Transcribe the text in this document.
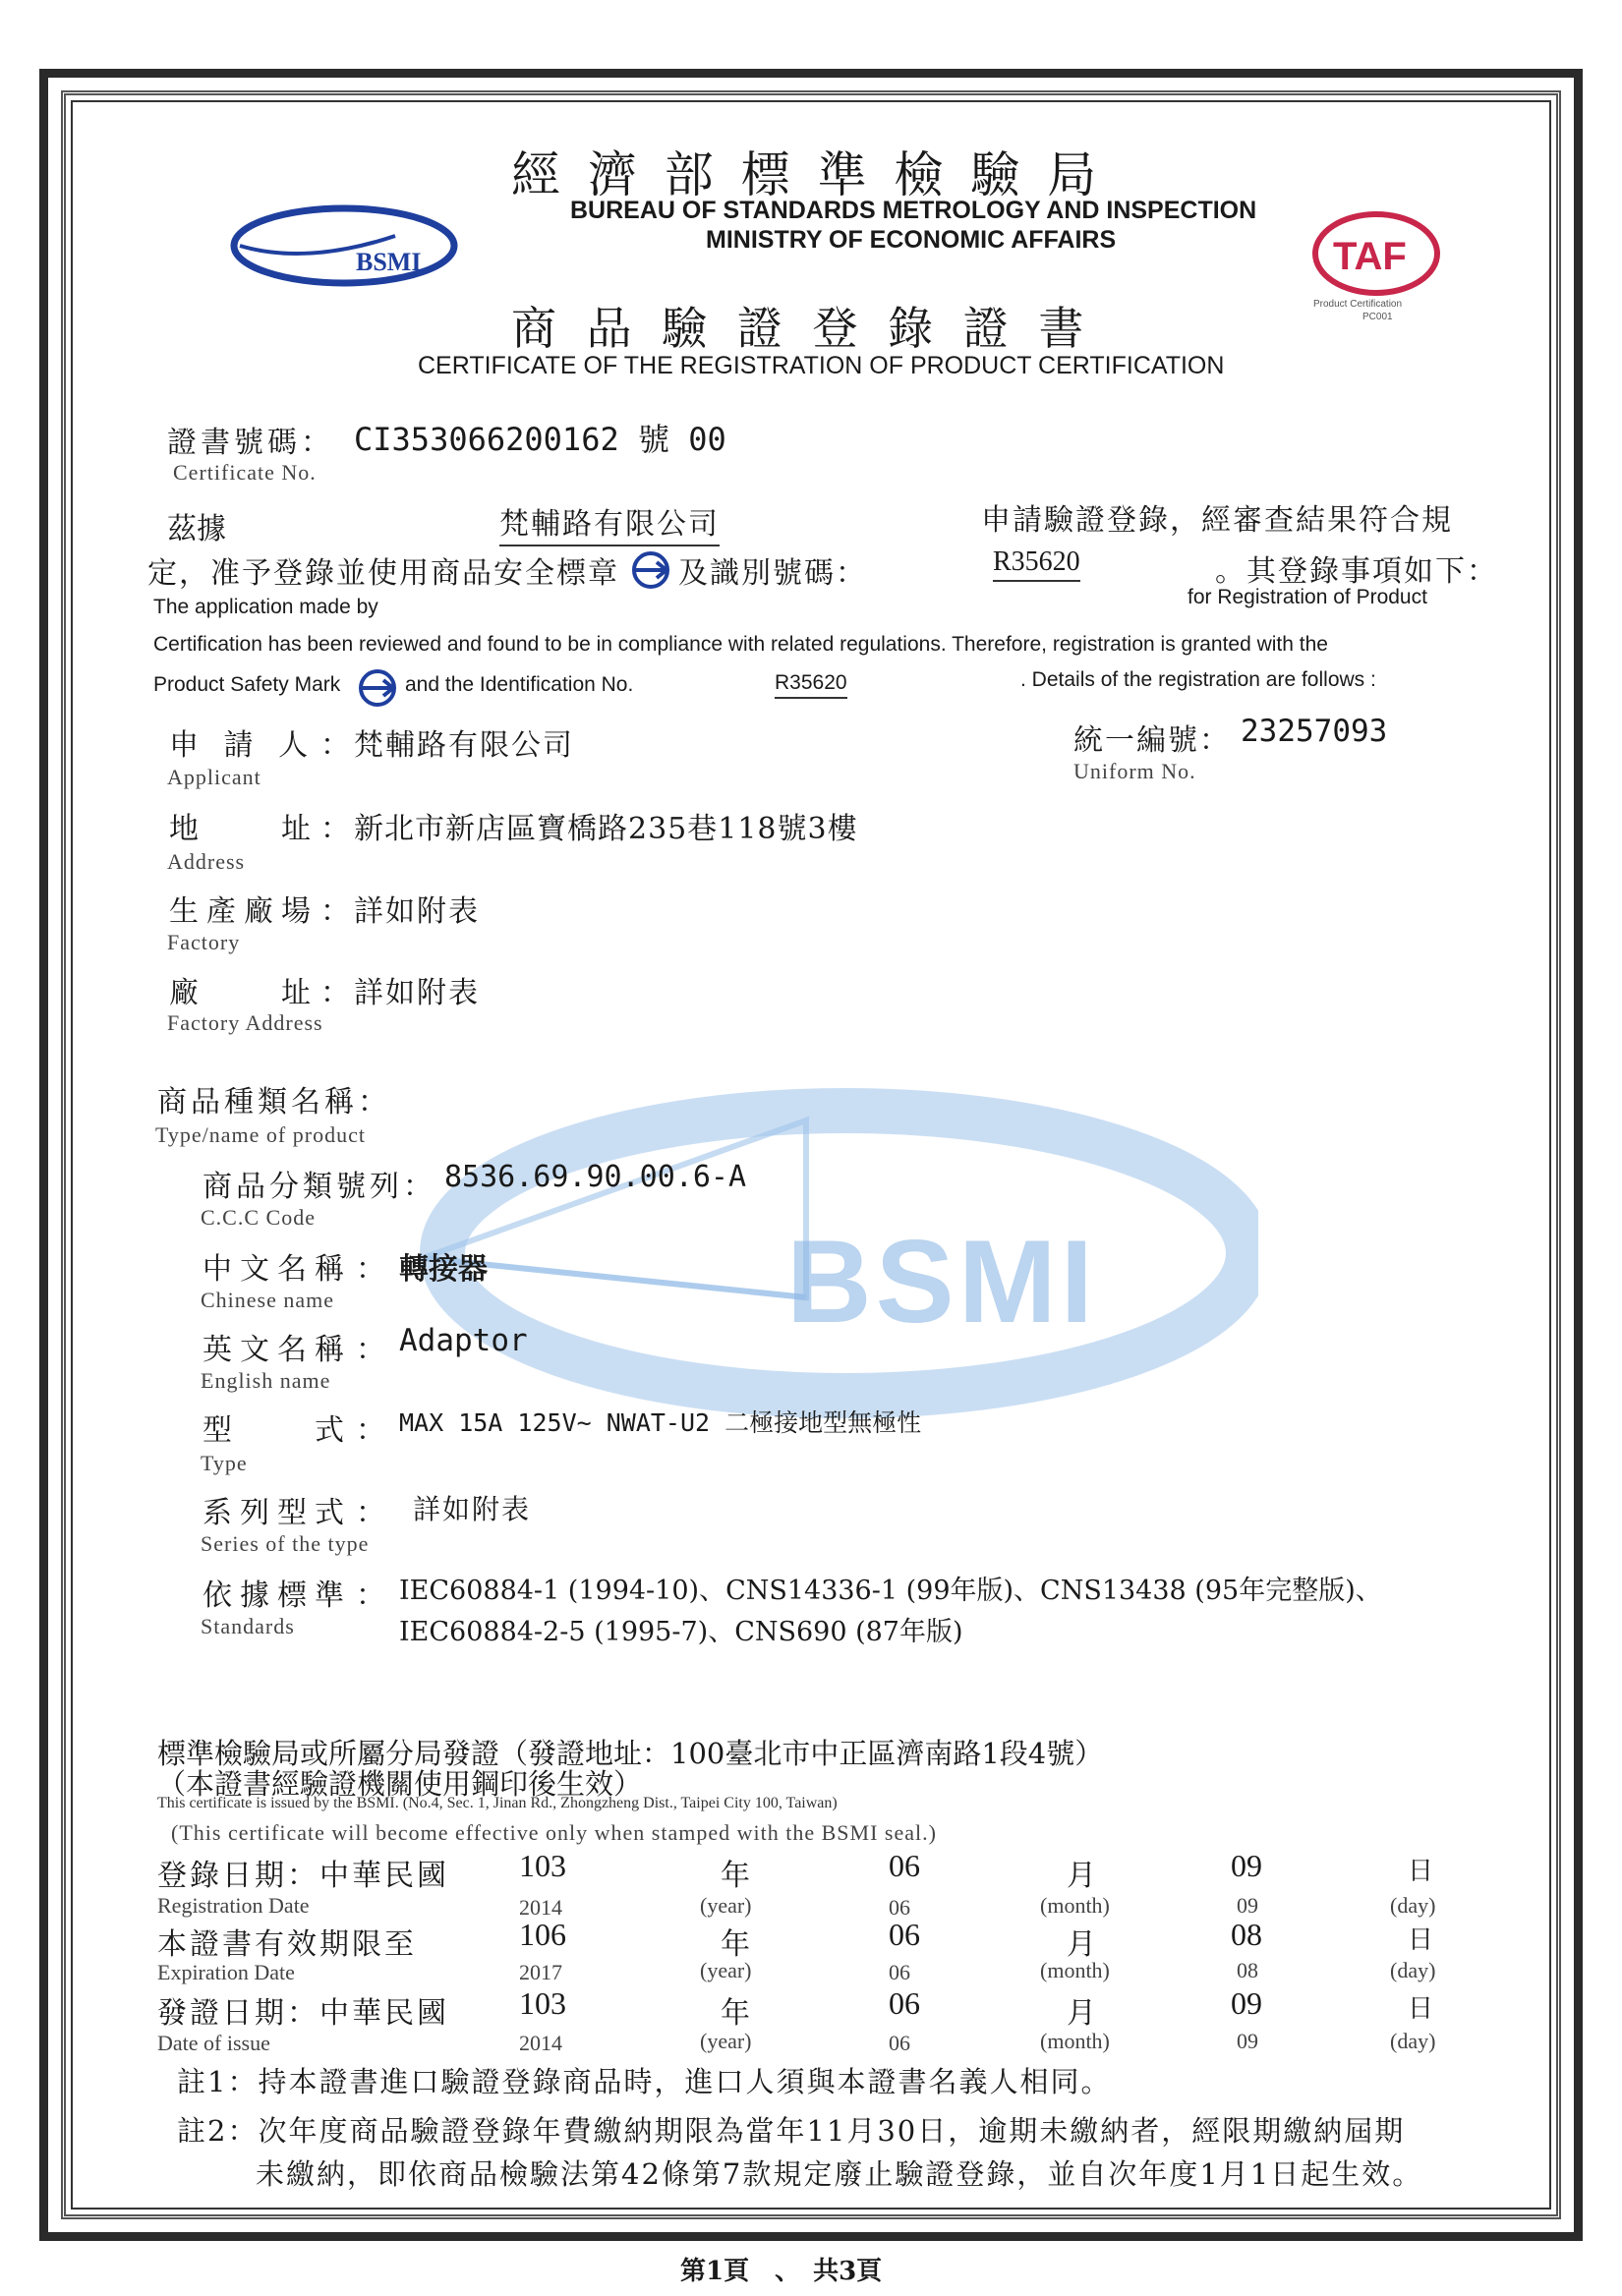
BSMI
經 濟 部 標 準 檢 驗 局
BUREAU OF STANDARDS METROLOGY AND INSPECTION
MINISTRY OF ECONOMIC AFFAIRS
BSMI	TAF
Product Certification
PC001
商 品 驗 證 登 錄 證 書
CERTIFICATE OF THE REGISTRATION OF PRODUCT CERTIFICATION
證書號碼： CI353066200162 號 00
Certificate No.
茲據	梵輔路有限公司	申請驗證登錄，經審查結果符合規
定，准予登錄並使用商品安全標章 及識別號碼：	R35620	。其登錄事項如下：
The application made by	for Registration of Product
Certification has been reviewed and found to be in compliance with related regulations. Therefore, registration is granted with the
Product Safety Mark	and the Identification No.	R35620	. Details of the registration are follows :
申 請 人 ： 梵輔路有限公司
Applicant
統一編號： 23257093
Uniform No.
地　　址 ： 新北市新店區寶橋路235巷118號3樓
Address
生產廠場 ： 詳如附表
Factory
廠　　址 ： 詳如附表
Factory Address
商品種類名稱：
Type/name of product
商品分類號列： 8536.69.90.00.6-A
C.C.C Code
中文名稱 ： 轉接器
Chinese name
英文名稱 ： Adaptor
English name
型　　式 ： MAX 15A 125V~ NWAT-U2 二極接地型無極性
Type
系列型式 ： 詳如附表
Series of the type
依據標準 ： IEC60884-1 (1994-10)、CNS14336-1 (99年版)、CNS13438 (95年完整版)、
Standards	IEC60884-2-5 (1995-7)、CNS690 (87年版)
標準檢驗局或所屬分局發證（發證地址：100臺北市中正區濟南路1段4號）
（本證書經驗證機關使用鋼印後生效）
This certificate is issued by the BSMI. (No.4, Sec. 1, Jinan Rd., Zhongzheng Dist., Taipei City 100, Taiwan)
(This certificate will become effective only when stamped with the BSMI seal.)
登錄日期：中華民國 103	年	06	月	09	日
Registration Date	2014	(year)	06	(month)	09	(day)
本證書有效期限至	106	年	06	月	08	日
Expiration Date	2017	(year)	06	(month)	08	(day)
發證日期：中華民國 103	年	06	月	09	日
Date of issue	2014	(year)	06	(month)	09	(day)
註1：持本證書進口驗證登錄商品時，進口人須與本證書名義人相同。
註2：次年度商品驗證登錄年費繳納期限為當年11月30日，逾期未繳納者，經限期繳納屆期
未繳納，即依商品檢驗法第42條第7款規定廢止驗證登錄，並自次年度1月1日起生效。
第1頁　、　共3頁
